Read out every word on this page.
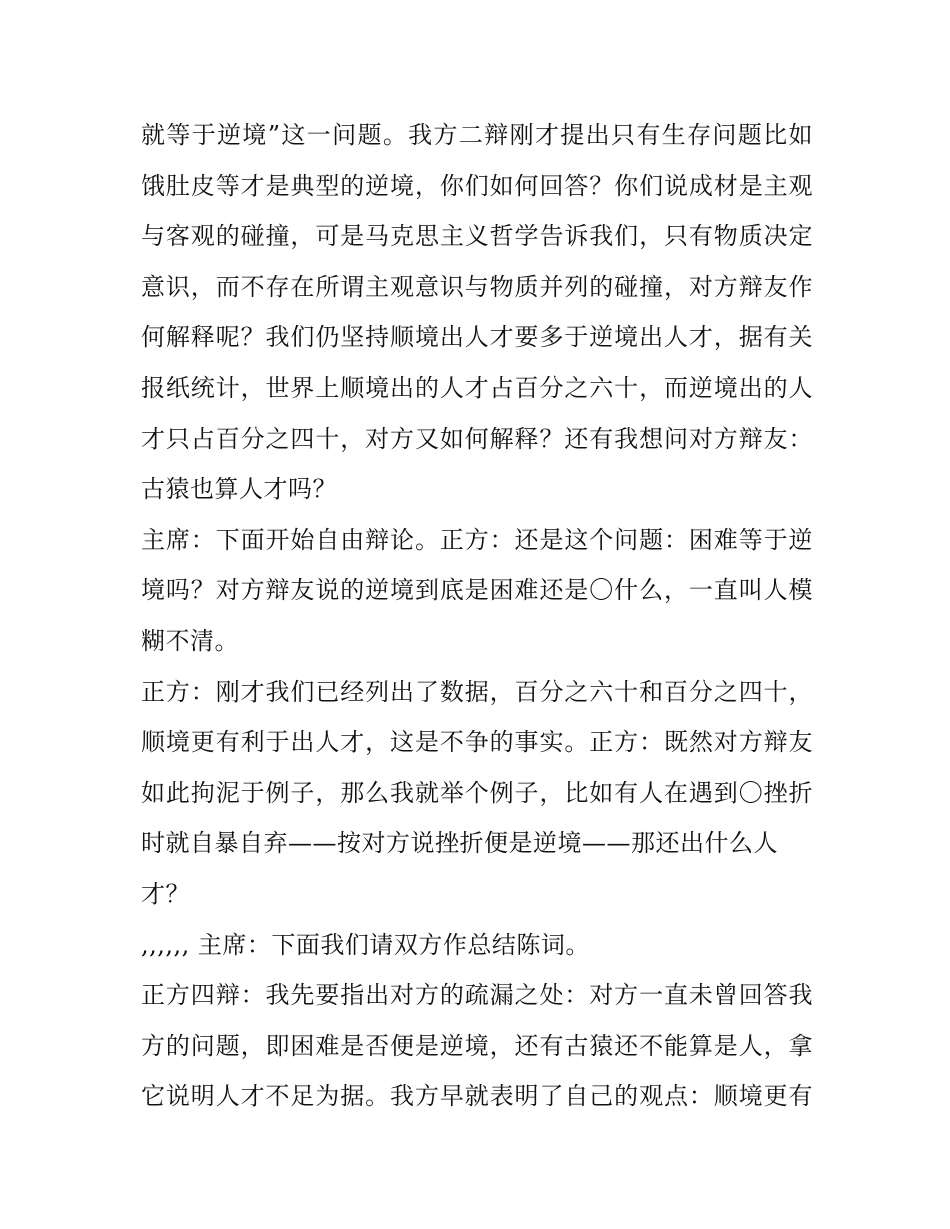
就等于逆境”这一问题。我方二辩刚才提出只有生存问题比如
饿肚皮等才是典型的逆境，你们如何回答？你们说成材是主观
与客观的碰撞，可是马克思主义哲学告诉我们，只有物质决定
意识，而不存在所谓主观意识与物质并列的碰撞，对方辩友作
何解释呢？我们仍坚持顺境出人才要多于逆境出人才，据有关
报纸统计，世界上顺境出的人才占百分之六十，而逆境出的人
才只占百分之四十，对方又如何解释？还有我想问对方辩友：
古猿也算人才吗？
主席：下面开始自由辩论。正方：还是这个问题：困难等于逆
境吗？对方辩友说的逆境到底是困难还是〇什么，一直叫人模
糊不清。
正方：刚才我们已经列出了数据，百分之六十和百分之四十，
顺境更有利于出人才，这是不争的事实。正方：既然对方辩友
如此拘泥于例子，那么我就举个例子，比如有人在遇到〇挫折
时就自暴自弃——按对方说挫折便是逆境——那还出什么人
才？
,,,,,, 主席：下面我们请双方作总结陈词。
正方四辩：我先要指出对方的疏漏之处：对方一直未曾回答我
方的问题，即困难是否便是逆境，还有古猿还不能算是人，拿
它说明人才不足为据。我方早就表明了自己的观点：顺境更有
